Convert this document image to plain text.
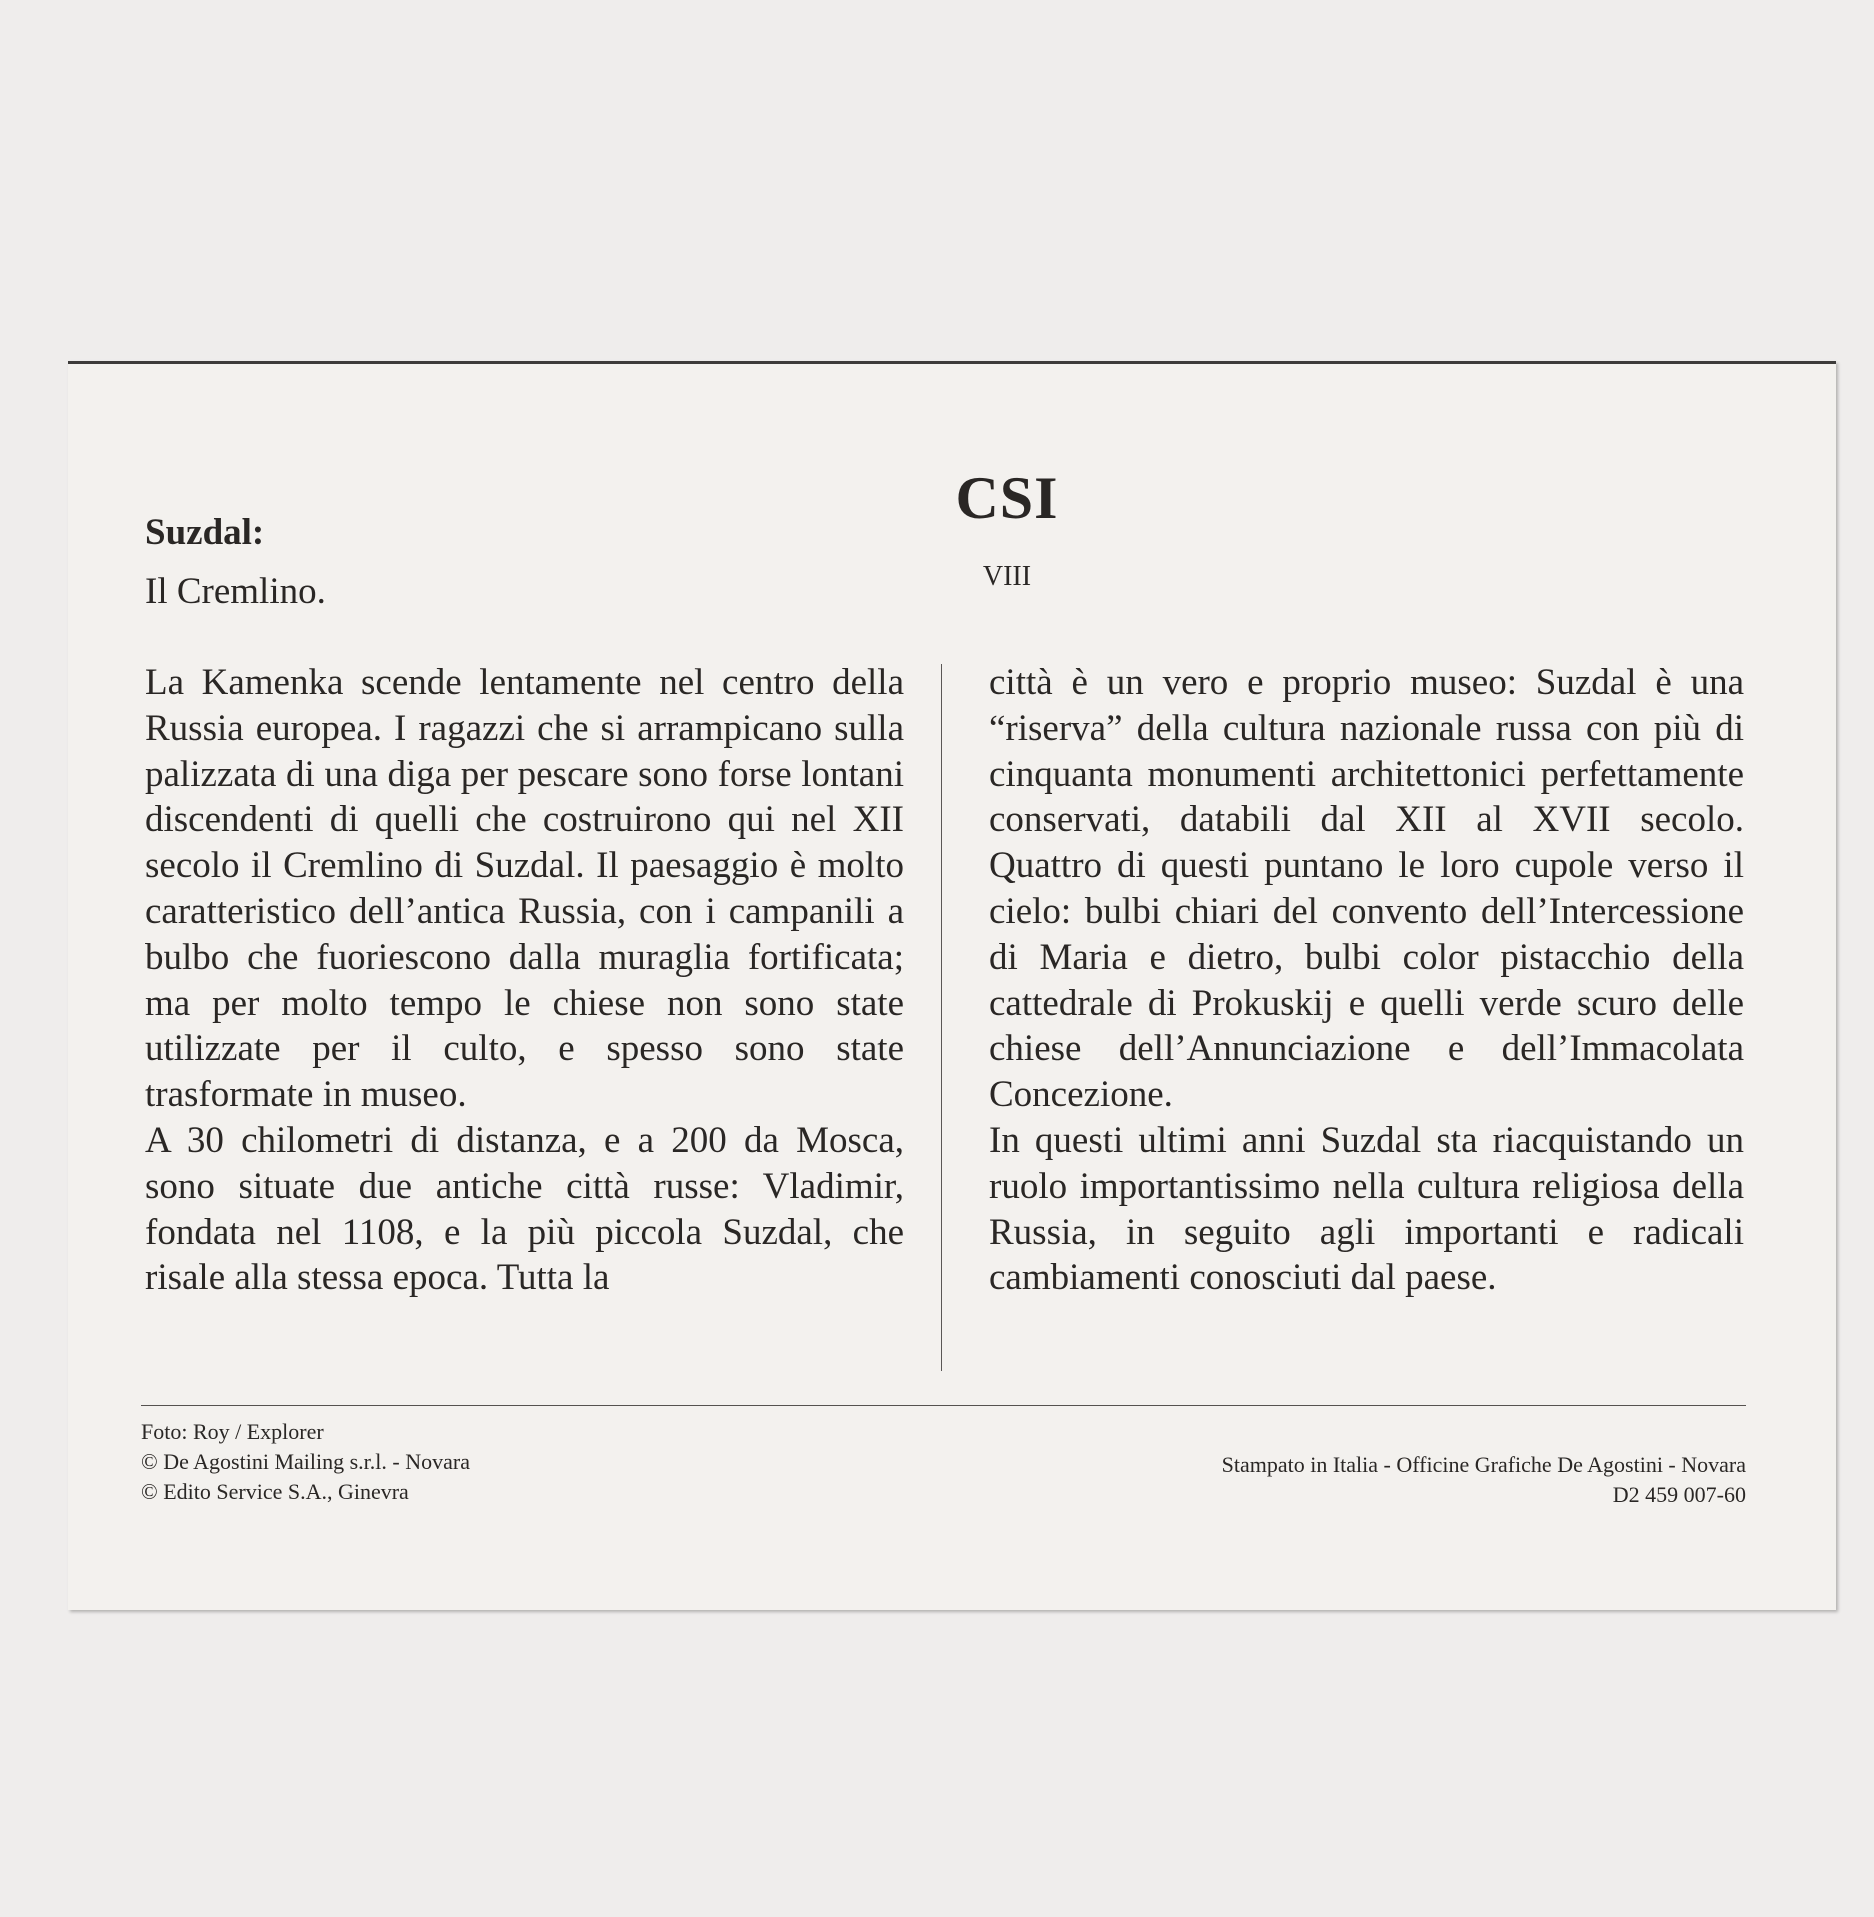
Suzdal:
Il Cremlino.
CSI
VIII

La Kamenka scende lentamente nel centro della Russia europea. I ragazzi che si arrampicano sulla palizzata di una diga per pescare sono forse lontani discendenti di quelli che costruirono qui nel XII secolo il Cremlino di Suzdal. Il paesaggio è molto caratteristico dell’antica Russia, con i campanili a bulbo che fuoriescono dalla muraglia fortificata; ma per molto tempo le chiese non sono state utilizzate per il culto, e spesso sono state trasformate in museo.

A 30 chilometri di distanza, e a 200 da Mosca, sono situate due antiche città russe: Vladimir, fondata nel 1108, e la più piccola Suzdal, che risale alla stessa epoca. Tutta la

città è un vero e proprio museo: Suzdal è una “riserva” della cultura nazionale russa con più di cinquanta monumenti architettonici perfettamente conservati, databili dal XII al XVII secolo. Quattro di questi puntano le loro cupole verso il cielo: bulbi chiari del convento dell’Intercessione di Maria e dietro, bulbi color pistacchio della cattedrale di Prokuskij e quelli verde scuro delle chiese dell’Annunciazione e dell’Immacolata Concezione.

In questi ultimi anni Suzdal sta riacquistando un ruolo importantissimo nella cultura religiosa della Russia, in seguito agli importanti e radicali cambiamenti conosciuti dal paese.

Foto: Roy / Explorer
© De Agostini Mailing s.r.l. - Novara
© Edito Service S.A., Ginevra
Stampato in Italia - Officine Grafiche De Agostini - Novara
D2 459 007-60
